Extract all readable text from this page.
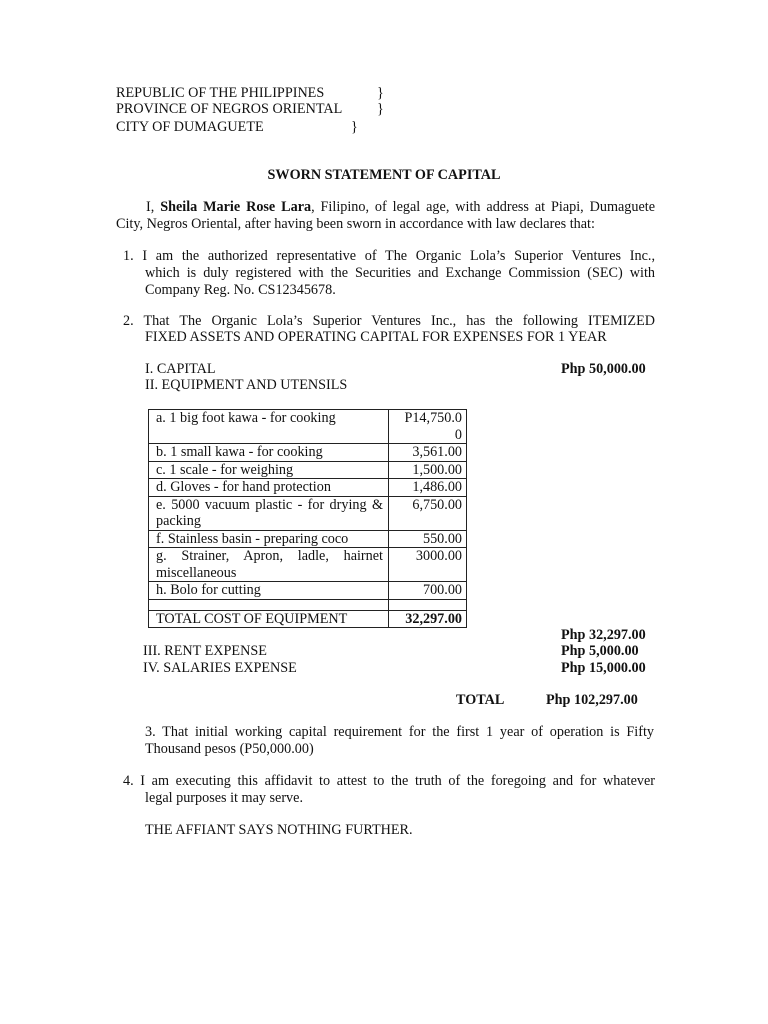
REPUBLIC OF THE PHILIPPINES	}
PROVINCE OF NEGROS ORIENTAL }
CITY OF DUMAGUETE	}
SWORN STATEMENT OF CAPITAL
I, Sheila Marie Rose Lara, Filipino, of legal age, with address at Piapi, Dumaguete
City, Negros Oriental, after having been sworn in accordance with law declares that:
1. I am the authorized representative of The Organic Lola’s Superior Ventures Inc.,
which is duly registered with the Securities and Exchange Commission (SEC) with
Company Reg. No. CS12345678.
2. That The Organic Lola’s Superior Ventures Inc., has the following ITEMIZED
FIXED ASSETS AND OPERATING CAPITAL FOR EXPENSES FOR 1 YEAR
I. CAPITAL	Php 50,000.00
II. EQUIPMENT AND UTENSILS
a. 1 big foot kawa - for cooking	P14,750.00

b. 1 small kawa - for cooking	3,561.00
c. 1 scale - for weighing	1,500.00
d. Gloves - for hand protection	1,486.00

e. 5000 vacuum plastic - for drying &
packing	6,750.00
f. Stainless basin - preparing coco	550.00

g. Strainer, Apron, ladle, hairnet
miscellaneous	3000.00
h. Bolo for cutting	700.00

TOTAL COST OF EQUIPMENT	32,297.00
Php 32,297.00
III. RENT EXPENSE	Php 5,000.00
IV. SALARIES EXPENSE	Php 15,000.00
TOTAL	Php 102,297.00
3. That initial working capital requirement for the first 1 year of operation is Fifty
Thousand pesos (P50,000.00)
4. I am executing this affidavit to attest to the truth of the foregoing and for whatever
legal purposes it may serve.
THE AFFIANT SAYS NOTHING FURTHER.
